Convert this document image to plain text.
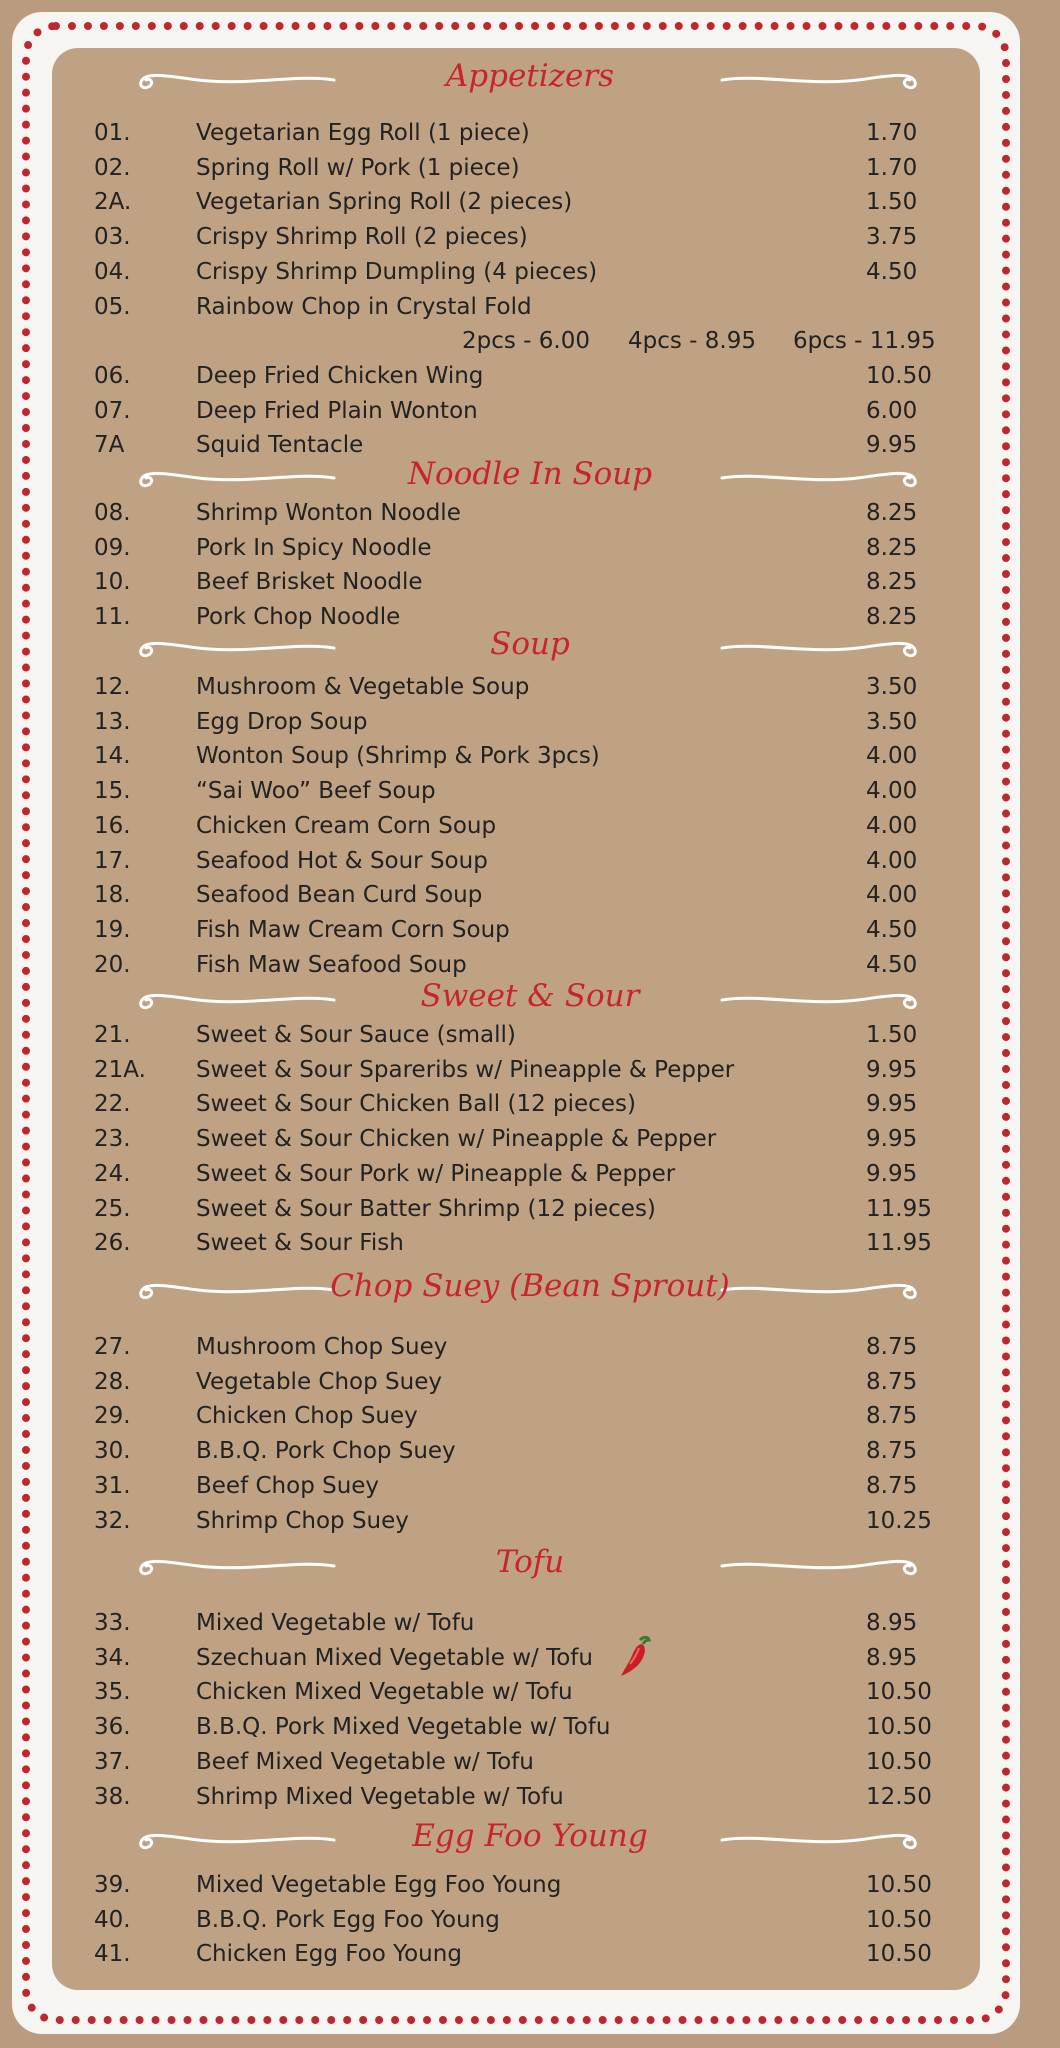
Appetizers
01.	Vegetarian Egg Roll (1 piece)	1.70
02.	Spring Roll w/ Pork (1 piece)	1.70
2A.	Vegetarian Spring Roll (2 pieces)	1.50
03.	Crispy Shrimp Roll (2 pieces)	3.75
04.	Crispy Shrimp Dumpling (4 pieces)	4.50
05.	Rainbow Chop in Crystal Fold
2pcs - 6.00 4pcs - 8.95 6pcs - 11.95
06.	Deep Fried Chicken Wing	10.50
07.	Deep Fried Plain Wonton	6.00
7A	Squid Tentacle	9.95
Noodle In Soup
08.	Shrimp Wonton Noodle	8.25
09.	Pork In Spicy Noodle	8.25
10.	Beef Brisket Noodle	8.25
11.	Pork Chop Noodle	8.25
Soup
12.	Mushroom & Vegetable Soup	3.50
13.	Egg Drop Soup	3.50
14.	Wonton Soup (Shrimp & Pork 3pcs)	4.00
15.	“Sai Woo” Beef Soup	4.00
16.	Chicken Cream Corn Soup	4.00
17.	Seafood Hot & Sour Soup	4.00
18.	Seafood Bean Curd Soup	4.00
19.	Fish Maw Cream Corn Soup	4.50
20.	Fish Maw Seafood Soup	4.50
Sweet & Sour
21.	Sweet & Sour Sauce (small)	1.50
21A. Sweet & Sour Spareribs w/ Pineapple & Pepper	9.95
22.	Sweet & Sour Chicken Ball (12 pieces)	9.95
23.	Sweet & Sour Chicken w/ Pineapple & Pepper	9.95
24.	Sweet & Sour Pork w/ Pineapple & Pepper	9.95
25.	Sweet & Sour Batter Shrimp (12 pieces)	11.95
26.	Sweet & Sour Fish	11.95
Chop Suey (Bean Sprout)
27.	Mushroom Chop Suey	8.75
28.	Vegetable Chop Suey	8.75
29.	Chicken Chop Suey	8.75
30.	B.B.Q. Pork Chop Suey	8.75
31.	Beef Chop Suey	8.75
32.	Shrimp Chop Suey	10.25
Tofu
33.	Mixed Vegetable w/ Tofu	8.95
34.	Szechuan Mixed Vegetable w/ Tofu	8.95
35.	Chicken Mixed Vegetable w/ Tofu	10.50
36.	B.B.Q. Pork Mixed Vegetable w/ Tofu	10.50
37.	Beef Mixed Vegetable w/ Tofu	10.50
38.	Shrimp Mixed Vegetable w/ Tofu	12.50
Egg Foo Young
39.	Mixed Vegetable Egg Foo Young	10.50
40.	B.B.Q. Pork Egg Foo Young	10.50
41.	Chicken Egg Foo Young	10.50
